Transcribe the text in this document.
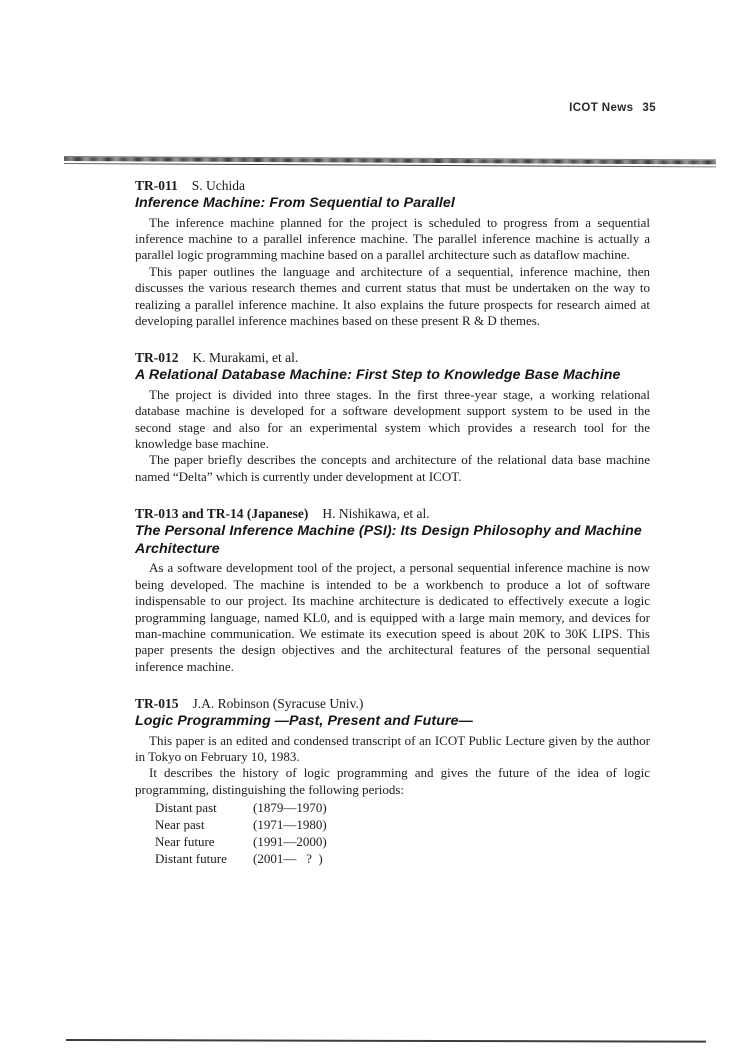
ICOT News 35
TR-011 S. Uchida
Inference Machine: From Sequential to Parallel

The inference machine planned for the project is scheduled to progress from a sequential inference machine to a parallel inference machine. The parallel inference machine is actually a parallel logic programming machine based on a parallel architecture such as dataflow machine.

This paper outlines the language and architecture of a sequential, inference machine, then discusses the various research themes and current status that must be undertaken on the way to realizing a parallel inference machine. It also explains the future prospects for research aimed at developing parallel inference machines based on these present R & D themes.

TR-012 K. Murakami, et al.
A Relational Database Machine: First Step to Knowledge Base Machine

The project is divided into three stages. In the first three-year stage, a working relational database machine is developed for a software development support system to be used in the second stage and also for an experimental system which provides a research tool for the knowledge base machine.

The paper briefly describes the concepts and architecture of the relational data base machine named “Delta” which is currently under development at ICOT.

TR-013 and TR-14 (Japanese) H. Nishikawa, et al.
The Personal Inference Machine (PSI): Its Design Philosophy and Machine Architecture

As a software development tool of the project, a personal sequential inference machine is now being developed. The machine is intended to be a workbench to produce a lot of software indispensable to our project. Its machine architecture is dedicated to effectively execute a logic programming language, named KL0, and is equipped with a large main memory, and devices for man-machine communication. We estimate its execution speed is about 20K to 30K LIPS. This paper presents the design objectives and the architectural features of the personal sequential inference machine.

TR-015 J.A. Robinson (Syracuse Univ.)
Logic Programming —Past, Present and Future—

This paper is an edited and condensed transcript of an ICOT Public Lecture given by the author in Tokyo on February 10, 1983.

It describes the history of logic programming and gives the future of the idea of logic programming, distinguishing the following periods:

Distant past	(1879—1970)
Near past	(1971—1980)
Near future	(1991—2000)
Distant future	(2001—   ?  )
